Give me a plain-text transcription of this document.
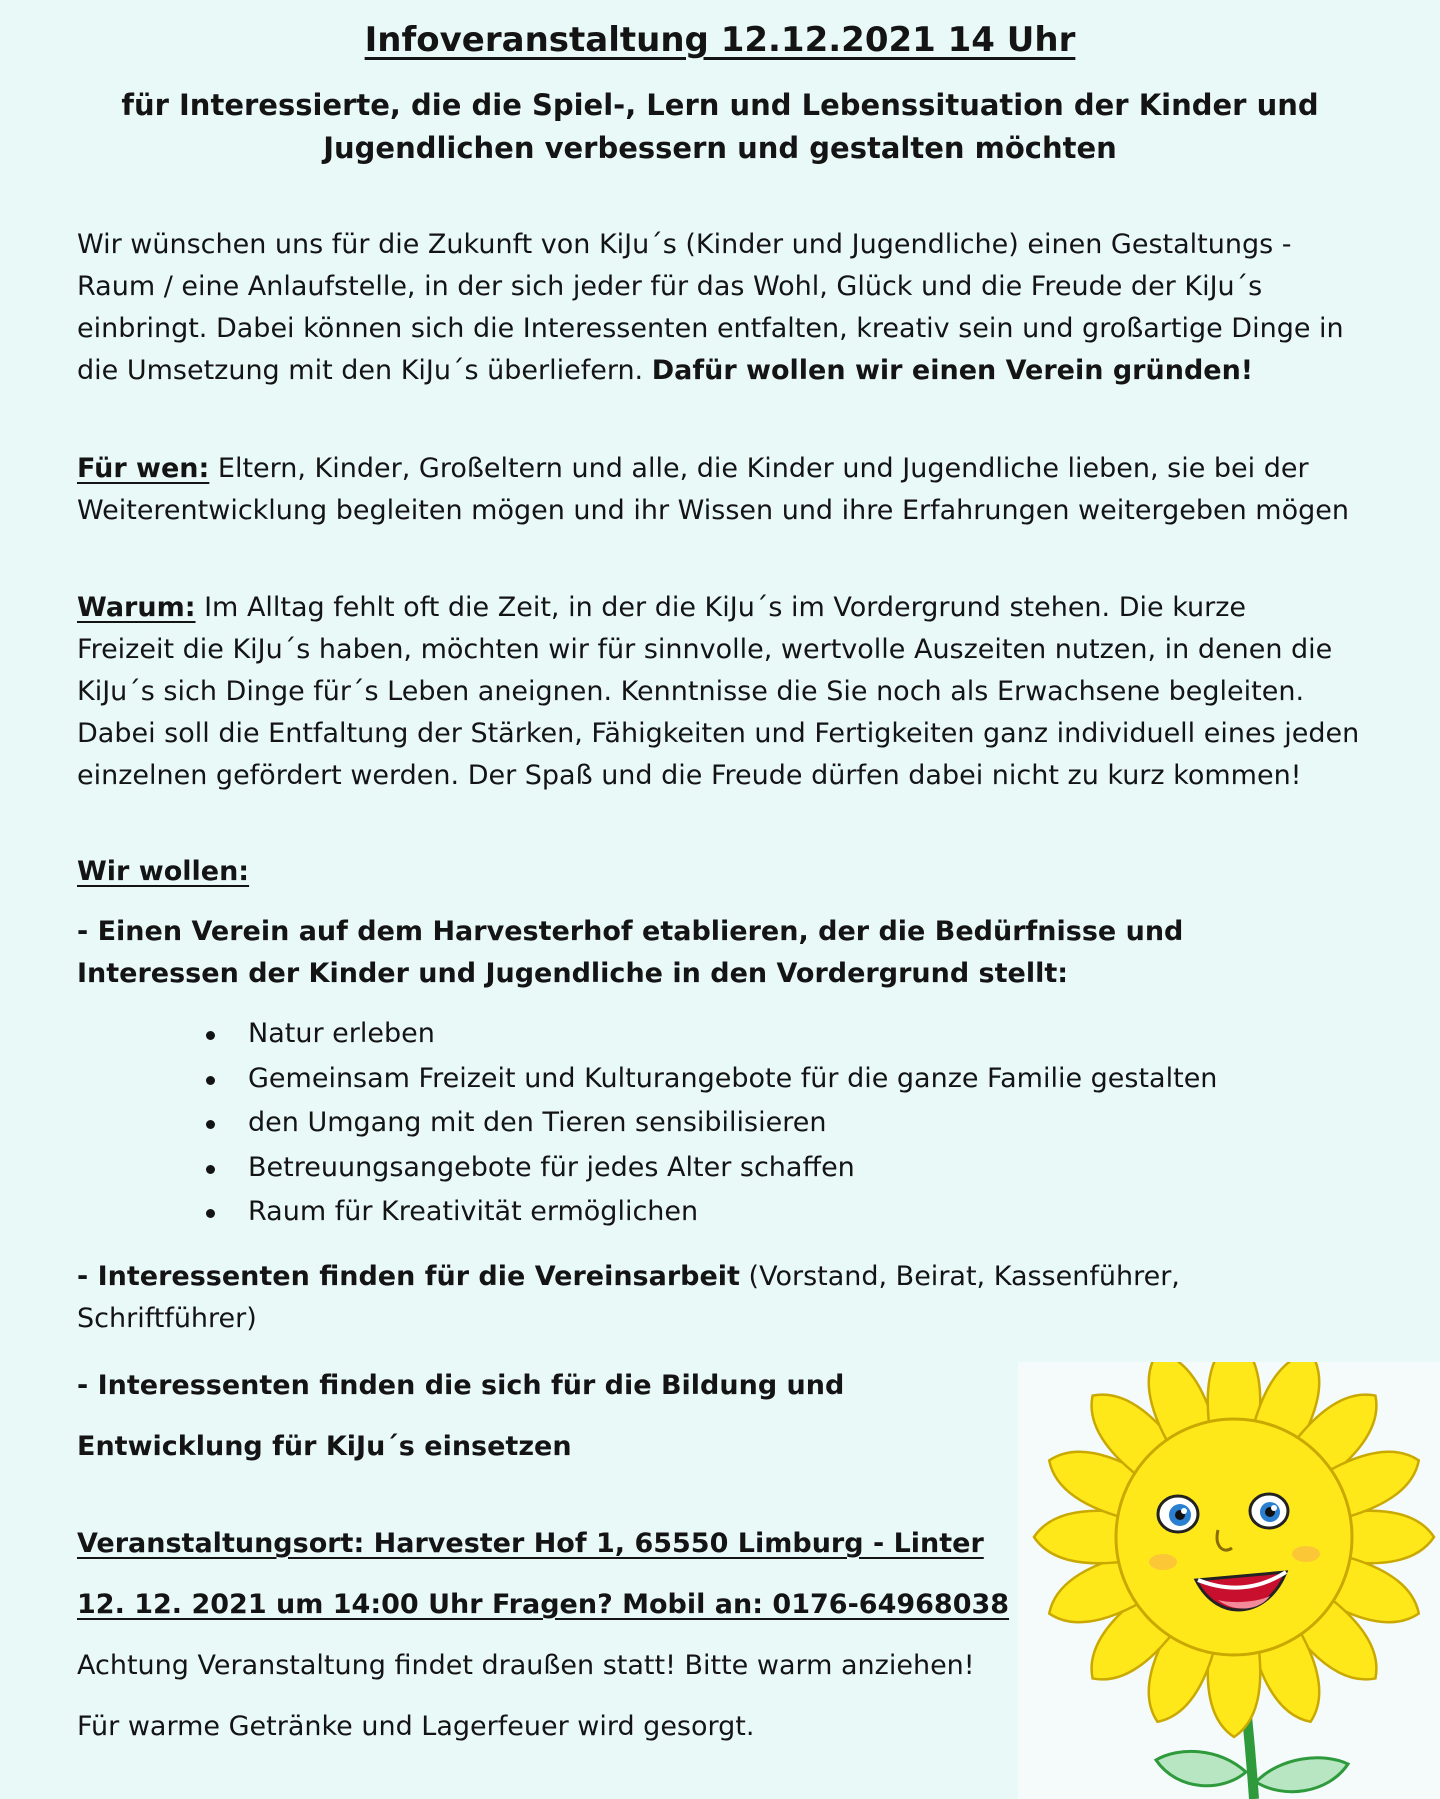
Infoveranstaltung 12.12.2021 14 Uhr
für Interessierte, die die Spiel-, Lern und Lebenssituation der Kinder und
Jugendlichen verbessern und gestalten möchten
Wir wünschen uns für die Zukunft von KiJu´s (Kinder und Jugendliche) einen Gestaltungs -
Raum / eine Anlaufstelle, in der sich jeder für das Wohl, Glück und die Freude der KiJu´s
einbringt. Dabei können sich die Interessenten entfalten, kreativ sein und großartige Dinge in
die Umsetzung mit den KiJu´s überliefern. Dafür wollen wir einen Verein gründen!
Für wen: Eltern, Kinder, Großeltern und alle, die Kinder und Jugendliche lieben, sie bei der
Weiterentwicklung begleiten mögen und ihr Wissen und ihre Erfahrungen weitergeben mögen
Warum: Im Alltag fehlt oft die Zeit, in der die KiJu´s im Vordergrund stehen. Die kurze
Freizeit die KiJu´s haben, möchten wir für sinnvolle, wertvolle Auszeiten nutzen, in denen die
KiJu´s sich Dinge für´s Leben aneignen. Kenntnisse die Sie noch als Erwachsene begleiten.
Dabei soll die Entfaltung der Stärken, Fähigkeiten und Fertigkeiten ganz individuell eines jeden
einzelnen gefördert werden. Der Spaß und die Freude dürfen dabei nicht zu kurz kommen!
Wir wollen:
- Einen Verein auf dem Harvesterhof etablieren, der die Bedürfnisse und
Interessen der Kinder und Jugendliche in den Vordergrund stellt:
Natur erleben
Gemeinsam Freizeit und Kulturangebote für die ganze Familie gestalten
den Umgang mit den Tieren sensibilisieren
Betreuungsangebote für jedes Alter schaffen
Raum für Kreativität ermöglichen
- Interessenten finden für die Vereinsarbeit (Vorstand, Beirat, Kassenführer,
Schriftführer)
- Interessenten finden die sich für die Bildung und
Entwicklung für KiJu´s einsetzen
Veranstaltungsort: Harvester Hof 1, 65550 Limburg - Linter
12. 12. 2021 um 14:00 Uhr Fragen? Mobil an: 0176-64968038
Achtung Veranstaltung findet draußen statt! Bitte warm anziehen!
Für warme Getränke und Lagerfeuer wird gesorgt.
